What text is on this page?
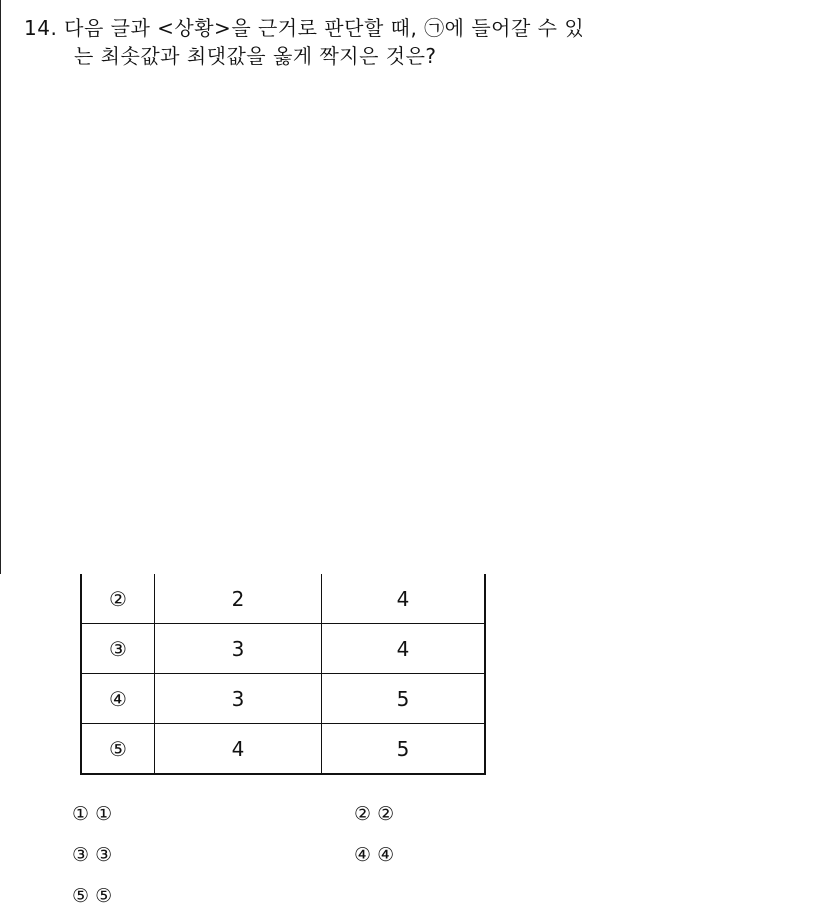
14. 다음 글과 <상황>을 근거로 판단할 때, ㉠에 들어갈 수 있
는 최솟값과 최댓값을 옳게 짝지은 것은?
②	2	4
③	3	4
④	3	5
⑤	4	5
① ①	② ②
③ ③	④ ④
⑤ ⑤
